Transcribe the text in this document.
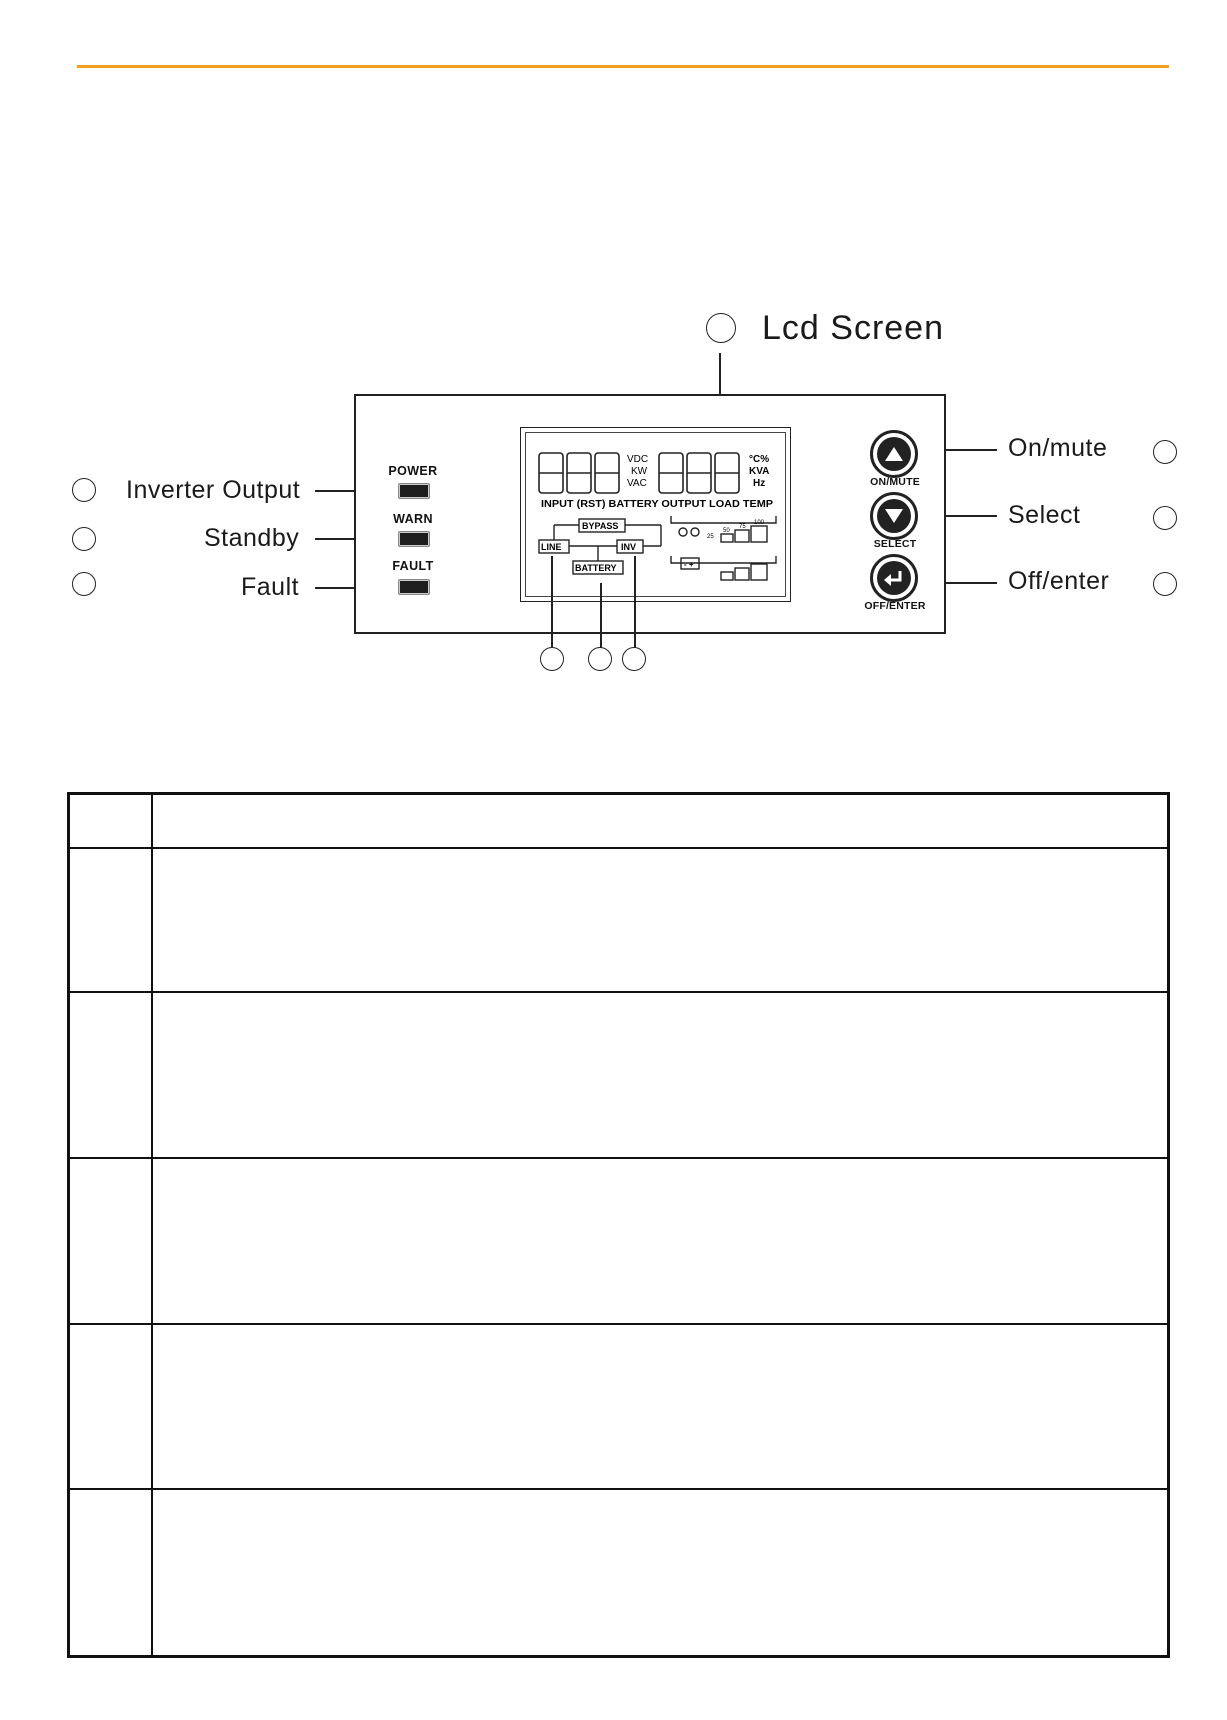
Lcd Screen
Inverter Output
Standby
Fault
On/mute
Select
Off/enter
POWER
WARN
FAULT
VDC
KW
VAC
°C%
KVA
Hz
INPUT (RST) BATTERY OUTPUT LOAD TEMP
BYPASS
LINE	INV
BATTERY	- +
25
50
75
100
ON/MUTE
SELECT
OFF/ENTER
